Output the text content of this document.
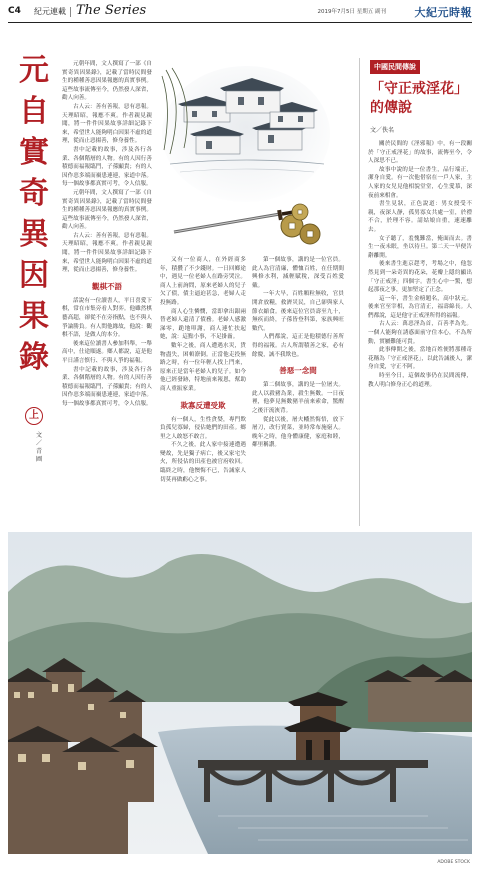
C4 紀元連載 The Series	2019年7月5日 星期五 副刊	大紀元時報
元
自
實
奇
異
因
果
錄
上
文／青圃

元朝年間，文人撰寫了一部《自實奇異因果錄》，記載了當時民間發生的種種善惡因果報應的真實事例。這些故事流傳至今，仍然發人深省，勸人向善。

古人云：善有善報，惡有惡報。天理昭昭，報應不爽。作者親見親聞，將一件件因果故事詳細記錄下來，希望世人能夠明白因果不虛的道理，從而止惡揚善，修身養性。

書中記載的故事，涉及各行各業、各個階層的人物。有的人因行善積德而福報臨門，子孫顯貴；有的人因作惡多端而禍患連連，家道中落。每一個故事都真實可考，令人信服。

元朝年間，文人撰寫了一部《自實奇異因果錄》，記載了當時民間發生的種種善惡因果報應的真實事例。這些故事流傳至今，仍然發人深省，勸人向善。

古人云：善有善報，惡有惡報。天理昭昭，報應不爽。作者親見親聞，將一件件因果故事詳細記錄下來，希望世人能夠明白因果不虛的道理，從而止惡揚善，修身養性。

觀棋不語

話說有一位讀書人，平日喜愛下棋，常在市集旁看人對弈。他雖然棋藝高超，卻從不在旁指點，也不與人爭論勝負。有人問他緣故，他說：觀棋不語，是做人的本分。

後來這位讀書人參加科舉，一舉高中，仕途順遂。鄉人都說，這是他平日謹言慎行、不與人爭的福報。

書中記載的故事，涉及各行各業、各個階層的人物。有的人因行善積德而福報臨門，子孫顯貴；有的人因作惡多端而禍患連連，家道中落。每一個故事都真實可考，令人信服。

又有一位商人，在外經商多年，積攢了不少錢財。一日回鄉途中，遇見一位老婦人在路旁哭泣。商人上前詢問，原來老婦人的兒子欠了債，債主逼迫甚急，老婦人走投無路。

商人心生憐憫，當即拿出銀兩替老婦人還清了債務。老婦人感激涕零，跪地叩謝，商人連忙扶起她，說：這點小事，不足掛齒。

數年之後，商人遭遇水災，貨物盡失，困頓潦倒。正當他走投無路之時，有一位年輕人找上門來，原來正是當年老婦人的兒子。如今他已經發跡，特地前來報恩，幫助商人重振家業。

欺寡反遭受欺

有一個人，生性貪婪，專門欺負孤兒寡婦，侵佔她們的田產。鄉里之人敢怒不敢言。

不久之後，此人家中接連遭遇變故，先是獨子病亡，後又家宅失火，所侵佔的田產也被官府收回。臨終之時，他懊悔不已，告誡家人切莫再做虧心之事。

第一個故事，講的是一位官員。此人為官清廉，體恤百姓，在任期間興修水利，減輕賦稅，深受百姓愛戴。

一年大旱，百姓顆粒無收，官員開倉放糧，救濟災民，自己卻與家人節衣縮食。後來這位官員壽至九十，無疾而終，子孫皆登科第，家族興旺數代。

人們都說，這正是他積德行善所得的福報。古人所謂積善之家，必有餘慶，誠不我欺也。

善惡一念間

第二個故事，講的是一位屠夫。此人以殺豬為業，殺生無數。一日夜裡，他夢見無數豬羊前來索命，驚醒之後汗流浹背。

從此以後，屠夫幡然悔悟，放下屠刀，改行賣菜，並時常布施窮人。晚年之時，他身體康健，家庭和睦，鄰里稱讚。

中國民間傳說
「守正戒淫花」的傳說
文／佚名

關於民間的《淫邪報》中，有一段關於「守正戒淫花」的故事，流傳至今，令人深思不已。

故事中說的是一位書生，品行端正，潔身自愛。有一次他借宿在一戶人家，主人家的女兒見他相貌堂堂，心生愛慕，深夜前來相會。

書生見狀，正色說道：男女授受不親，夜深人靜，孤男寡女共處一室，於禮不合，於理不容。請姑娘自重，速速離去。

女子聽了，羞愧難當，掩面而去。書生一夜未眠，坐以待旦。第二天一早便告辭離開。

後來書生進京趕考，考場之中，他忽然見到一朵奇異的花朵，花瓣上隱約顯出「守正戒淫」四個字。書生心中一驚，想起那夜之事，更加堅定了正念。

這一年，書生金榜題名，高中狀元。後來官至宰相，為官清正，福壽綿長。人們都說，這是他守正戒淫所得的福報。

古人云：萬惡淫為首，百善孝為先。一個人能夠在誘惑面前守住本心，不為所動，實屬難能可貴。

此事傳開之後，當地百姓便將那種奇花稱為「守正戒淫花」，以此告誡後人，潔身自愛，守正不阿。

時至今日，這個故事仍在民間流傳，教人明白修身正心的道理。

ADOBE STOCK
